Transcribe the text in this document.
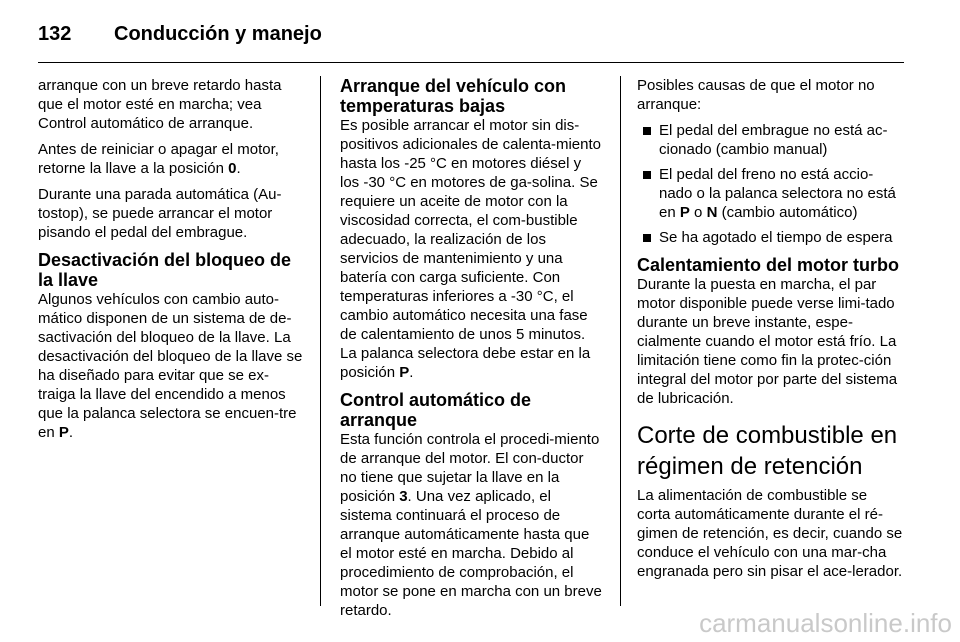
132 Conducción y manejo

arranque con un breve retardo hasta que el motor esté en marcha; vea Control automático de arranque.

Antes de reiniciar o apagar el motor, retorne la llave a la posición 0.

Durante una parada automática (Au-tostop), se puede arrancar el motor pisando el pedal del embrague.

Desactivación del bloqueo de la llave

Algunos vehículos con cambio auto-mático disponen de un sistema de de-sactivación del bloqueo de la llave. La desactivación del bloqueo de la llave se ha diseñado para evitar que se ex-traiga la llave del encendido a menos que la palanca selectora se encuen-tre en P.

Arranque del vehículo con temperaturas bajas

Es posible arrancar el motor sin dis-positivos adicionales de calenta-miento hasta los -25 °C en motores diésel y los -30 °C en motores de ga-solina. Se requiere un aceite de motor con la viscosidad correcta, el com-bustible adecuado, la realización de los servicios de mantenimiento y una batería con carga suficiente. Con temperaturas inferiores a -30 °C, el cambio automático necesita una fase de calentamiento de unos 5 minutos. La palanca selectora debe estar en la posición P.

Control automático de arranque

Esta función controla el procedi-miento de arranque del motor. El con-ductor no tiene que sujetar la llave en la posición 3. Una vez aplicado, el sistema continuará el proceso de arranque automáticamente hasta que el motor esté en marcha. Debido al procedimiento de comprobación, el motor se pone en marcha con un breve retardo.

Posibles causas de que el motor no arranque:

El pedal del embrague no está ac-cionado (cambio manual)
El pedal del freno no está accio-nado o la palanca selectora no está en P o N (cambio automático)
Se ha agotado el tiempo de espera
Calentamiento del motor turbo

Durante la puesta en marcha, el par motor disponible puede verse limi-tado durante un breve instante, espe-cialmente cuando el motor está frío. La limitación tiene como fin la protec-ción integral del motor por parte del sistema de lubricación.

Corte de combustible en régimen de retención

La alimentación de combustible se corta automáticamente durante el ré-gimen de retención, es decir, cuando se conduce el vehículo con una mar-cha engranada pero sin pisar el ace-lerador.

carmanualsonline.info
